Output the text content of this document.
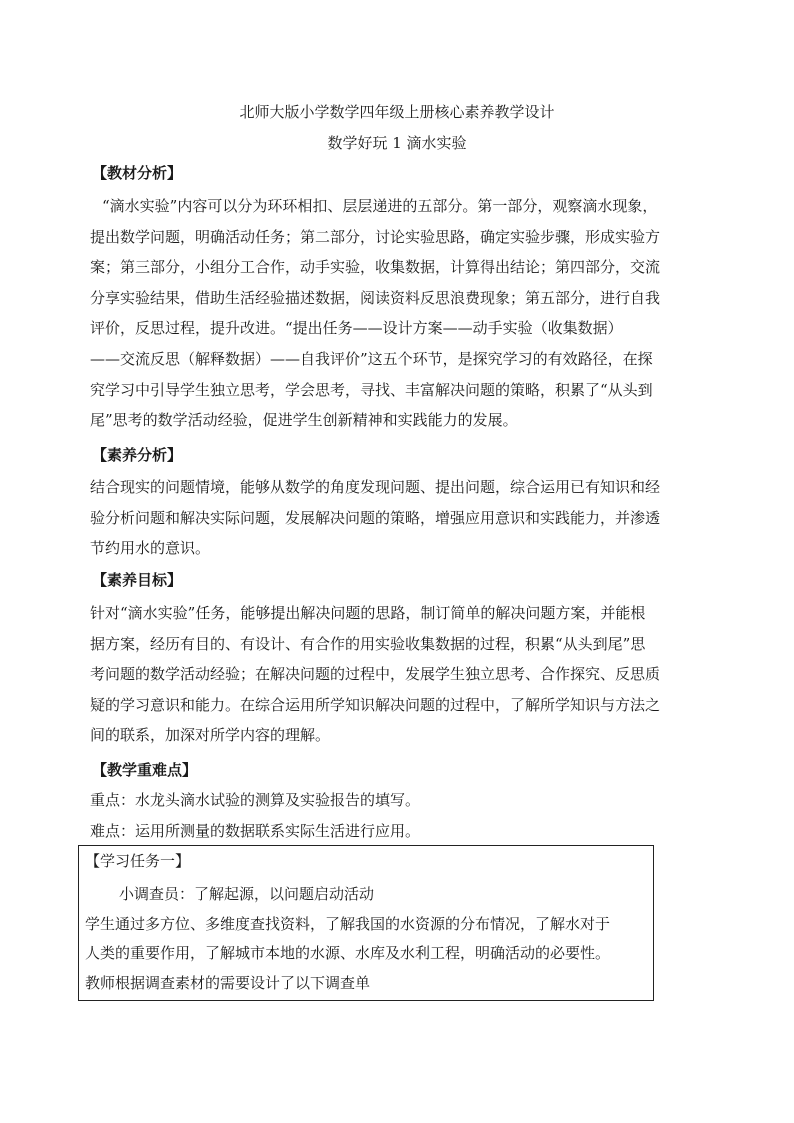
北师大版小学数学四年级上册核心素养教学设计
数学好玩 1 滴水实验
【教材分析】
“滴水实验”内容可以分为环环相扣、层层递进的五部分。第一部分，观察滴水现象，
提出数学问题，明确活动任务；第二部分，讨论实验思路，确定实验步骤，形成实验方
案；第三部分，小组分工合作，动手实验，收集数据，计算得出结论；第四部分，交流
分享实验结果，借助生活经验描述数据，阅读资料反思浪费现象；第五部分，进行自我
评价，反思过程，提升改进。“提出任务——设计方案——动手实验（收集数据）
——交流反思（解释数据）——自我评价”这五个环节，是探究学习的有效路径，在探
究学习中引导学生独立思考，学会思考，寻找、丰富解决问题的策略，积累了“从头到
尾”思考的数学活动经验，促进学生创新精神和实践能力的发展。
【素养分析】
结合现实的问题情境，能够从数学的角度发现问题、提出问题，综合运用已有知识和经
验分析问题和解决实际问题，发展解决问题的策略，增强应用意识和实践能力，并渗透
节约用水的意识。
【素养目标】
针对“滴水实验”任务，能够提出解决问题的思路，制订简单的解决问题方案，并能根
据方案，经历有目的、有设计、有合作的用实验收集数据的过程，积累“从头到尾”思
考问题的数学活动经验；在解决问题的过程中，发展学生独立思考、合作探究、反思质
疑的学习意识和能力。在综合运用所学知识解决问题的过程中，了解所学知识与方法之
间的联系，加深对所学内容的理解。
【教学重难点】
重点：水龙头滴水试验的测算及实验报告的填写。
难点：运用所测量的数据联系实际生活进行应用。
【学习任务一】
小调查员：了解起源，以问题启动活动
学生通过多方位、多维度查找资料，了解我国的水资源的分布情况，了解水对于
人类的重要作用，了解城市本地的水源、水库及水利工程，明确活动的必要性。
教师根据调查素材的需要设计了以下调查单
